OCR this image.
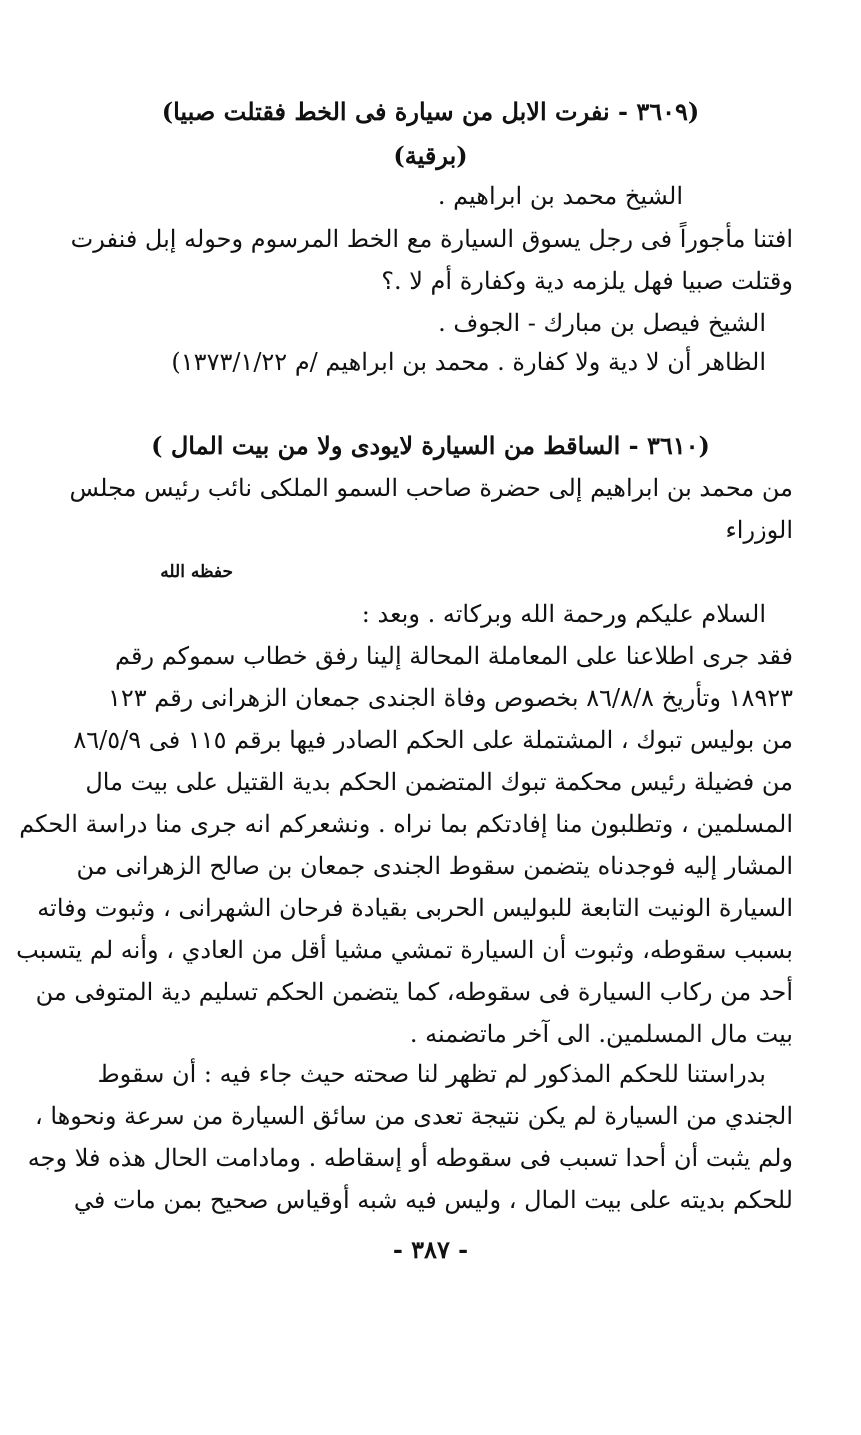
(٣٦٠٩ - نفرت الابل من سيارة فى الخط فقتلت صبيا)
(برقية)
الشيخ محمد بن ابراهيم .
افتنا مأجوراً فى رجل يسوق السيارة مع الخط المرسوم وحوله إبل فنفرت
وقتلت صبيا فهل يلزمه دية وكفارة أم لا .؟
الشيخ فيصل بن مبارك - الجوف .
الظاهر أن لا دية ولا كفارة . محمد بن ابراهيم /م ١٣٧٣/١/٢٢)
(٣٦١٠ - الساقط من السيارة لايودى ولا من بيت المال )
من محمد بن ابراهيم إلى حضرة صاحب السمو الملكى نائب رئيس مجلس
الوزراء
حفظه الله
السلام عليكم ورحمة الله وبركاته . وبعد :
فقد جرى اطلاعنا على المعاملة المحالة إلينا رفق خطاب سموكم رقم
١٨٩٢٣ وتأريخ ٨٦/٨/٨ بخصوص وفاة الجندى جمعان الزهرانى رقم ١٢٣
من بوليس تبوك ، المشتملة على الحكم الصادر فيها برقم ١١٥ فى ٨٦/٥/٩
من فضيلة رئيس محكمة تبوك المتضمن الحكم بدية القتيل على بيت مال
المسلمين ، وتطلبون منا إفادتكم بما نراه . ونشعركم انه جرى منا دراسة الحكم
المشار إليه فوجدناه يتضمن سقوط الجندى جمعان بن صالح الزهرانى من
السيارة الونيت التابعة للبوليس الحربى بقيادة فرحان الشهرانى ، وثبوت وفاته
بسبب سقوطه، وثبوت أن السيارة تمشي مشيا أقل من العادي ، وأنه لم يتسبب
أحد من ركاب السيارة فى سقوطه، كما يتضمن الحكم تسليم دية المتوفى من
بيت مال المسلمين. الى آخر ماتضمنه .
بدراستنا للحكم المذكور لم تظهر لنا صحته حيث جاء فيه : أن سقوط
الجندي من السيارة لم يكن نتيجة تعدى من سائق السيارة من سرعة ونحوها ،
ولم يثبت أن أحدا تسبب فى سقوطه أو إسقاطه . ومادامت الحال هذه فلا وجه
للحكم بديته على بيت المال ، وليس فيه شبه أوقياس صحيح بمن مات في
- ٣٨٧ -
